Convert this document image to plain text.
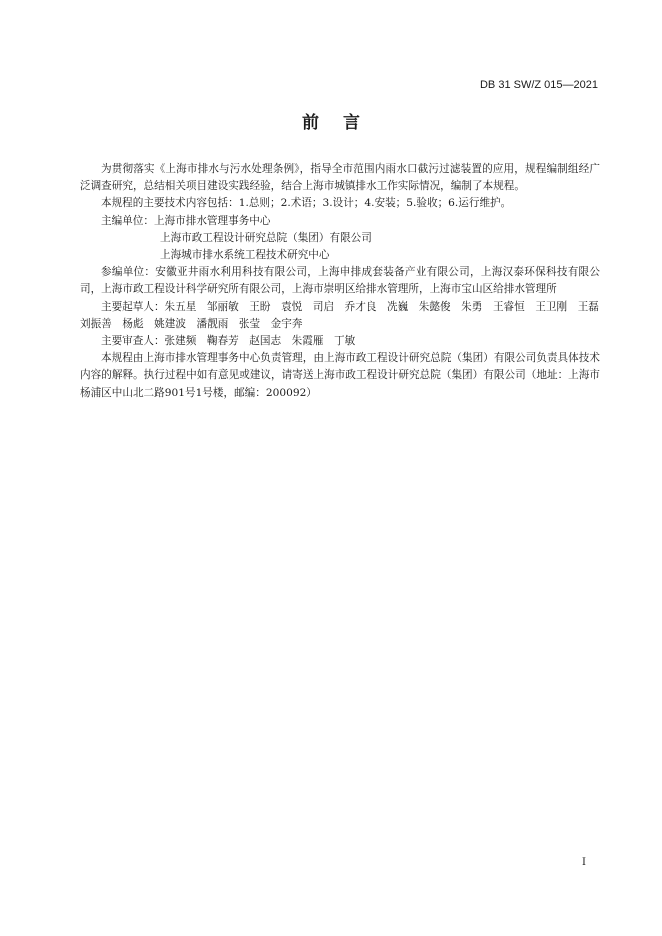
DB 31 SW/Z 015—2021
前言

为贯彻落实《上海市排水与污水处理条例》，指导全市范围内雨水口截污过滤装置的应用，规程编制组经广泛调查研究，总结相关项目建设实践经验，结合上海市城镇排水工作实际情况，编制了本规程。

本规程的主要技术内容包括：1.总则；2.术语；3.设计；4.安装；5.验收；6.运行维护。

主编单位：上海市排水管理事务中心

上海市政工程设计研究总院（集团）有限公司

上海城市排水系统工程技术研究中心

参编单位：安徽亚井雨水利用科技有限公司，上海申排成套装备产业有限公司，上海汉泰环保科技有限公司，上海市政工程设计科学研究所有限公司，上海市崇明区给排水管理所，上海市宝山区给排水管理所

主要起草人：朱五星　邹丽敏　王盼　袁悦　司启　乔才良　冼巍　朱懿俊　朱勇　王睿恒　王卫刚　王磊

刘振善　杨彪　姚建波　潘靓雨　张莹　金宇奔

主要审查人：张建频　鞠春芳　赵国志　朱霞雁　丁敏

本规程由上海市排水管理事务中心负责管理，由上海市政工程设计研究总院（集团）有限公司负责具体技术内容的解释。执行过程中如有意见或建议，请寄送上海市政工程设计研究总院（集团）有限公司（地址：上海市杨浦区中山北二路901号1号楼，邮编：200092）

I
